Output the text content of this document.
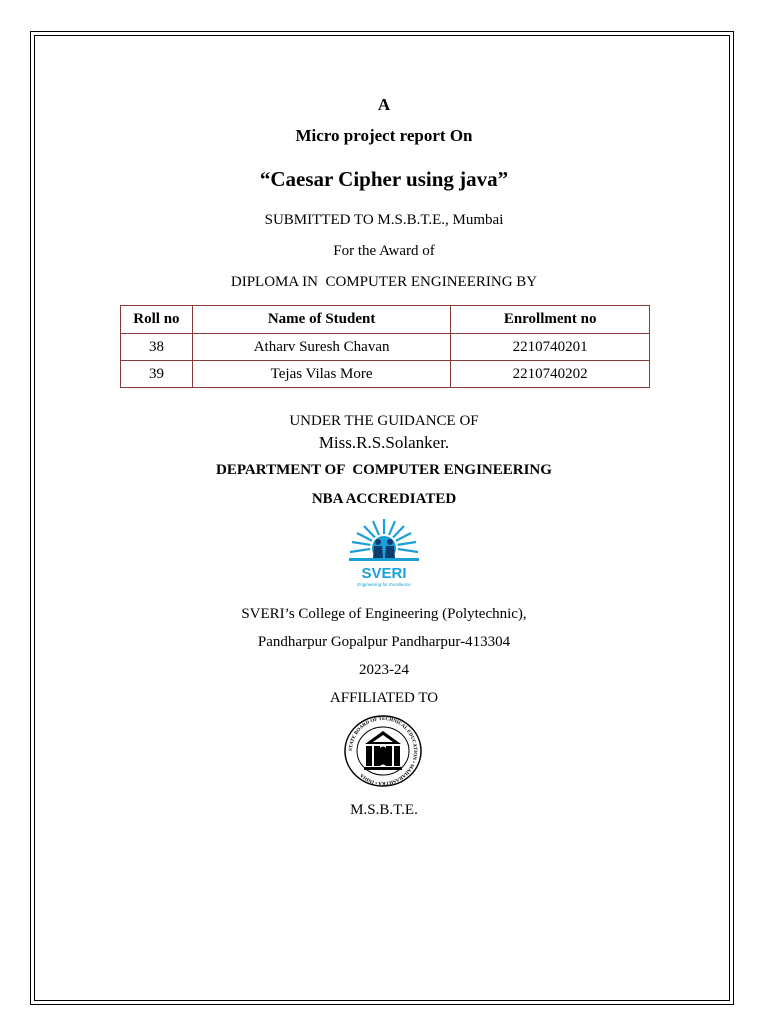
A
Micro project report On
“Caesar Cipher using java”
SUBMITTED TO M.S.B.T.E., Mumbai
For the Award of
DIPLOMA IN  COMPUTER ENGINEERING BY
Roll no	Name of Student	Enrollment no
38	Atharv Suresh Chavan	2210740201
39	Tejas Vilas More	2210740202
UNDER THE GUIDANCE OF
Miss.R.S.Solanker.
DEPARTMENT OF  COMPUTER ENGINEERING
NBA ACCREDIATED
SVERI
Engineering for Excellence
SVERI’s College of Engineering (Polytechnic),
Pandharpur Gopalpur Pandharpur-413304
2023-24
AFFILIATED TO
STATE BOARD OF TECHNICAL EDUCATION • MAHARASHTRA • INDIA
M.S.B.T.E.
